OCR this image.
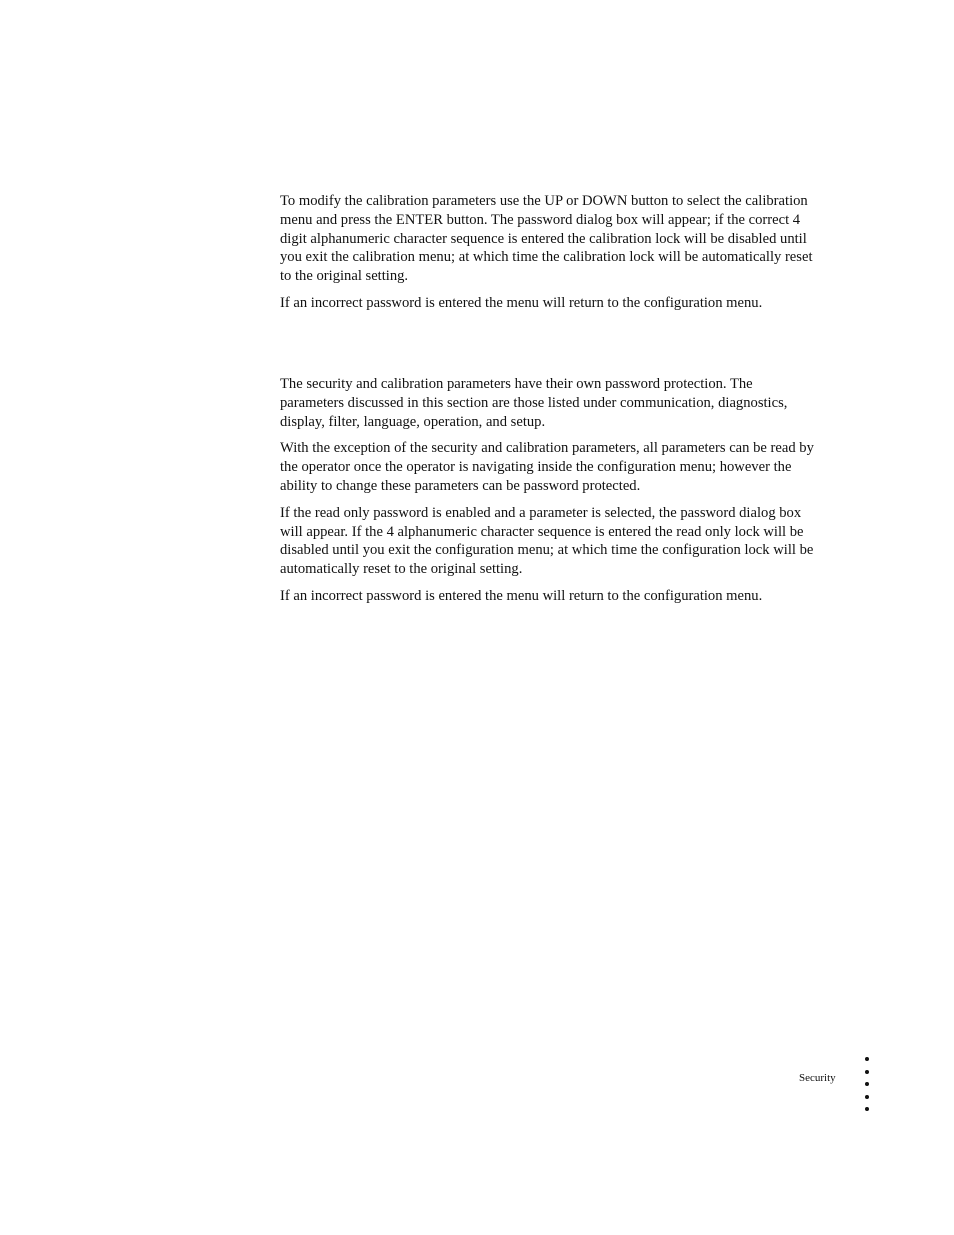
To modify the calibration parameters use the UP or DOWN button to select the calibration menu and press the ENTER button. The password dialog box will appear; if the correct 4 digit alphanumeric character sequence is entered the calibration lock will be disabled until you exit the calibration menu; at which time the calibration lock will be automatically reset to the original setting.

If an incorrect password is entered the menu will return to the configuration menu.

The security and calibration parameters have their own password protection. The parameters discussed in this section are those listed under communication, diagnostics, display, filter, language, operation, and setup.

With the exception of the security and calibration parameters, all parameters can be read by the operator once the operator is navigating inside the configuration menu; however the ability to change these parameters can be password protected.

If the read only password is enabled and a parameter is selected, the password dialog box will appear. If the 4 alphanumeric character sequence is entered the read only lock will be disabled until you exit the configuration menu; at which time the configuration lock will be automatically reset to the original setting.

If an incorrect password is entered the menu will return to the configuration menu.

Security
